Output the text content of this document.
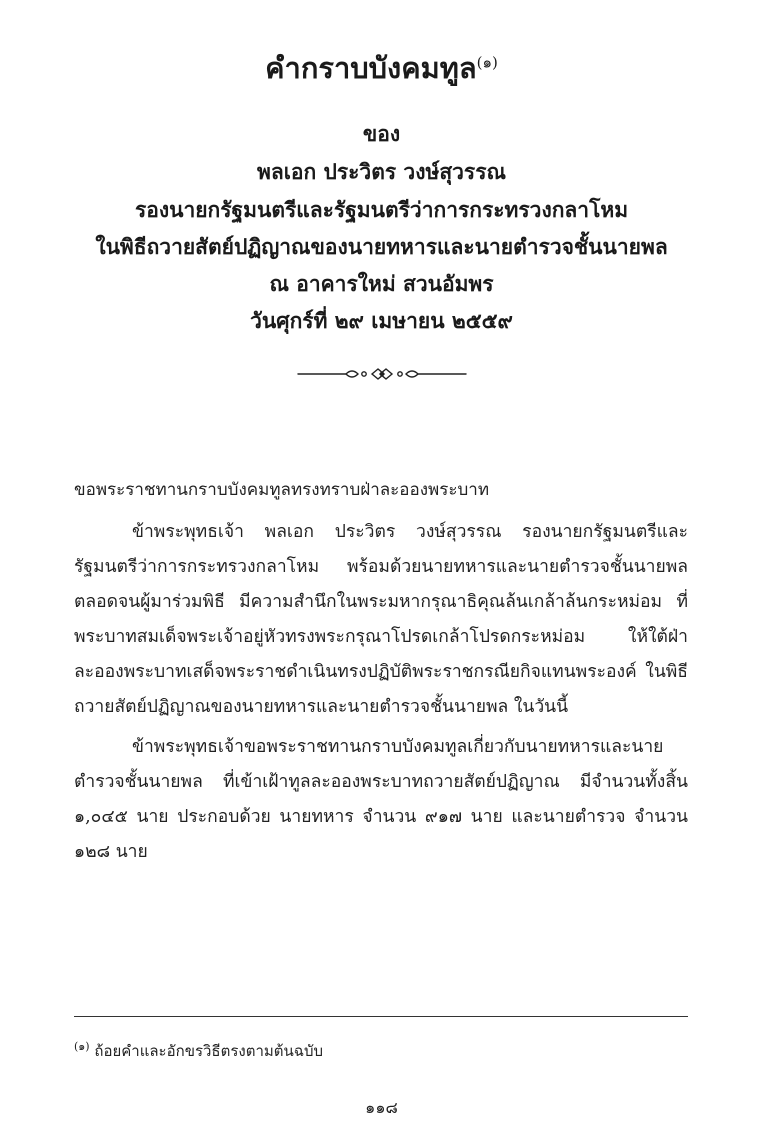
คำกราบบังคมทูล$^{(๑)}$
ของ
พลเอก ประวิตร วงษ์สุวรรณ
รองนายกรัฐมนตรีและรัฐมนตรีว่าการกระทรวงกลาโหม
ในพิธีถวายสัตย์ปฏิญาณของนายทหารและนายตำรวจชั้นนายพล
ณ อาคารใหม่ สวนอัมพร
วันศุกร์ที่ ๒๙ เมษายน ๒๕๕๙
ขอพระราชทานกราบบังคมทูลทรงทราบฝ่าละอองพระบาท

ข้าพระพุทธเจ้า พลเอก ประวิตร วงษ์สุวรรณ รองนายกรัฐมนตรีและรัฐมนตรีว่าการกระทรวงกลาโหม พร้อมด้วยนายทหารและนายตำรวจชั้นนายพล ตลอดจนผู้มาร่วมพิธี มีความสำนึกในพระมหากรุณาธิคุณล้นเกล้าล้นกระหม่อม ที่พระบาทสมเด็จพระเจ้าอยู่หัวทรงพระกรุณาโปรดเกล้าโปรดกระหม่อม ให้ใต้ฝ่าละอองพระบาทเสด็จพระราชดำเนินทรงปฏิบัติพระราชกรณียกิจแทนพระองค์ ในพิธีถวายสัตย์ปฏิญาณของนายทหารและนายตำรวจชั้นนายพล ในวันนี้

ข้าพระพุทธเจ้าขอพระราชทานกราบบังคมทูลเกี่ยวกับนายทหารและนายตำรวจชั้นนายพล ที่เข้าเฝ้าทูลละอองพระบาทถวายสัตย์ปฏิญาณ มีจำนวนทั้งสิ้น ๑,๐๔๕ นาย ประกอบด้วย นายทหาร จำนวน ๙๑๗ นาย และนายตำรวจ จำนวน ๑๒๘ นาย

$^{(๑)}$ ถ้อยคำและอักขรวิธีตรงตามต้นฉบับ
๑๑๘
